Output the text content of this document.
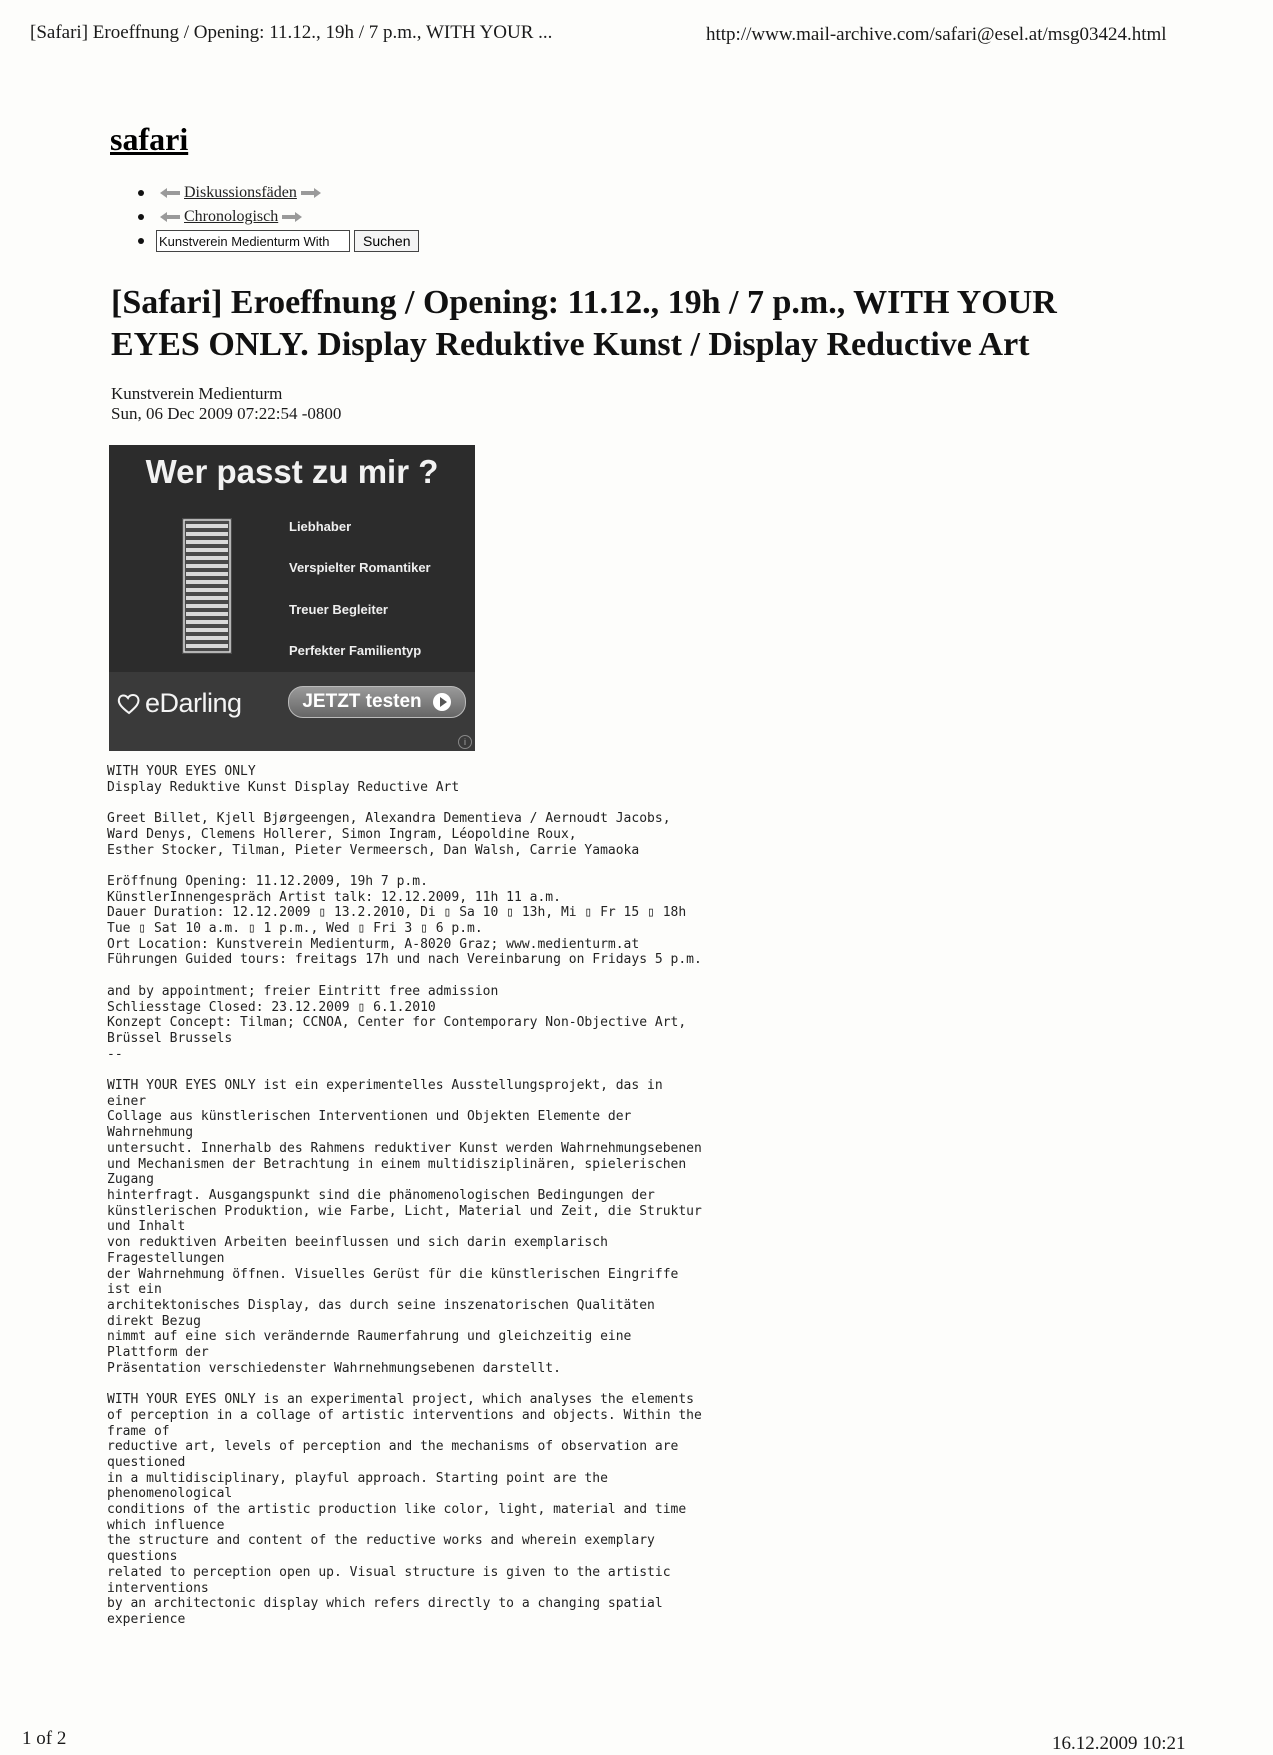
[Safari] Eroeffnung / Opening: 11.12., 19h / 7 p.m., WITH YOUR ...	http://www.mail-archive.com/safari@esel.at/msg03424.html
safari
Diskussionsfäden
Chronologisch
Kunstverein Medienturm With
Suchen
[Safari] Eroeffnung / Opening: 11.12., 19h / 7 p.m., WITH YOUR EYES ONLY. Display Reduktive Kunst / Display Reductive Art
Kunstverein Medienturm
Sun, 06 Dec 2009 07:22:54 -0800
Wer passt zu mir ?
Liebhaber
Verspielter Romantiker
Treuer Begleiter
Perfekter Familientyp
eDarling	JETZT testen
i
WITH YOUR EYES ONLY
Display Reduktive Kunst Display Reductive Art

Greet Billet, Kjell Bjørgeengen, Alexandra Dementieva / Aernoudt Jacobs,
Ward Denys, Clemens Hollerer, Simon Ingram, Léopoldine Roux,
Esther Stocker, Tilman, Pieter Vermeersch, Dan Walsh, Carrie Yamaoka

Eröffnung Opening: 11.12.2009, 19h 7 p.m.
KünstlerInnengespräch Artist talk: 12.12.2009, 11h 11 a.m.
Dauer Duration: 12.12.2009 ▯ 13.2.2010, Di ▯ Sa 10 ▯ 13h, Mi ▯ Fr 15 ▯ 18h
Tue ▯ Sat 10 a.m. ▯ 1 p.m., Wed ▯ Fri 3 ▯ 6 p.m.
Ort Location: Kunstverein Medienturm, A-8020 Graz; www.medienturm.at
Führungen Guided tours: freitags 17h und nach Vereinbarung on Fridays 5 p.m.

and by appointment; freier Eintritt free admission
Schliesstage Closed: 23.12.2009 ▯ 6.1.2010
Konzept Concept: Tilman; CCNOA, Center for Contemporary Non-Objective Art,
Brüssel Brussels
--

WITH YOUR EYES ONLY ist ein experimentelles Ausstellungsprojekt, das in
einer
Collage aus künstlerischen Interventionen und Objekten Elemente der
Wahrnehmung
untersucht. Innerhalb des Rahmens reduktiver Kunst werden Wahrnehmungsebenen
und Mechanismen der Betrachtung in einem multidisziplinären, spielerischen
Zugang
hinterfragt. Ausgangspunkt sind die phänomenologischen Bedingungen der
künstlerischen Produktion, wie Farbe, Licht, Material und Zeit, die Struktur
und Inhalt
von reduktiven Arbeiten beeinflussen und sich darin exemplarisch
Fragestellungen
der Wahrnehmung öffnen. Visuelles Gerüst für die künstlerischen Eingriffe
ist ein
architektonisches Display, das durch seine inszenatorischen Qualitäten
direkt Bezug
nimmt auf eine sich verändernde Raumerfahrung und gleichzeitig eine
Plattform der
Präsentation verschiedenster Wahrnehmungsebenen darstellt.

WITH YOUR EYES ONLY is an experimental project, which analyses the elements
of perception in a collage of artistic interventions and objects. Within the
frame of
reductive art, levels of perception and the mechanisms of observation are
questioned
in a multidisciplinary, playful approach. Starting point are the
phenomenological
conditions of the artistic production like color, light, material and time
which influence
the structure and content of the reductive works and wherein exemplary
questions
related to perception open up. Visual structure is given to the artistic
interventions
by an architectonic display which refers directly to a changing spatial
experience
1 of 2	16.12.2009 10:21
